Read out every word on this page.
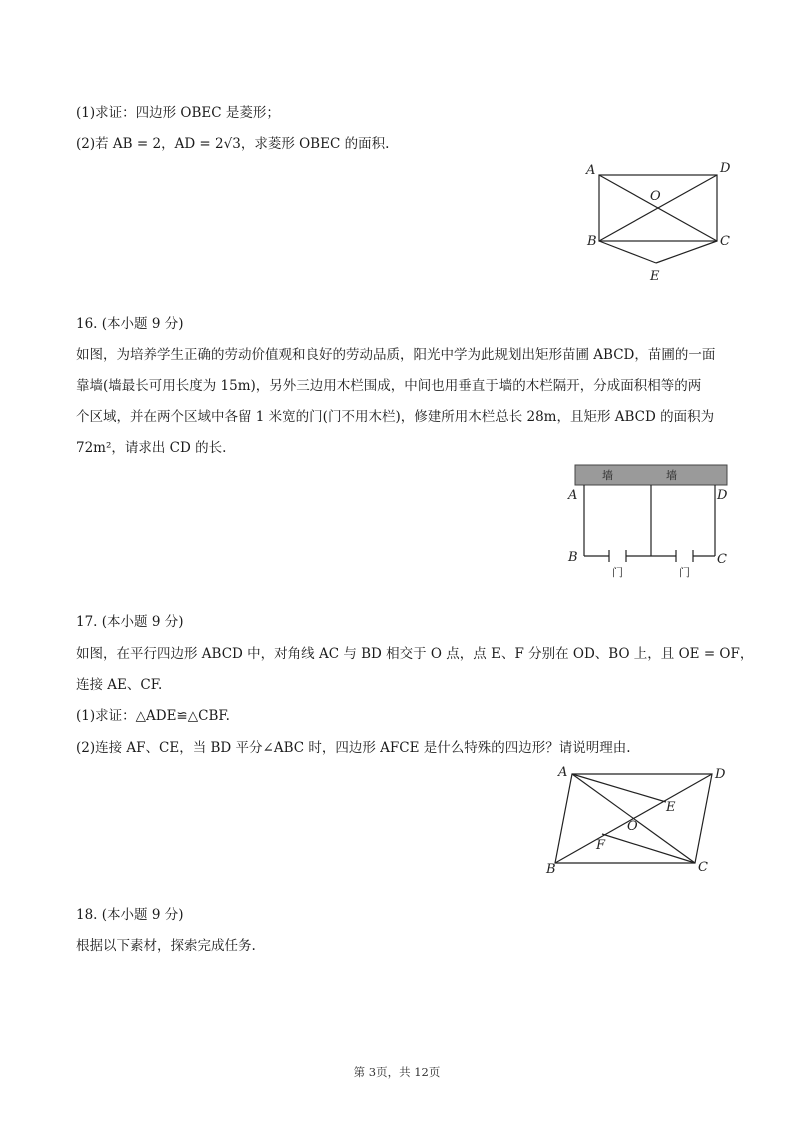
(1)求证：四边形 OBEC 是菱形；
(2)若 AB = 2，AD = 2√3，求菱形 OBEC 的面积.
A	D
O
B	C
E
16. (本小题 9 分)
如图，为培养学生正确的劳动价值观和良好的劳动品质，阳光中学为此规划出矩形苗圃 ABCD，苗圃的一面
靠墙(墙最长可用长度为 15m)，另外三边用木栏围成，中间也用垂直于墙的木栏隔开，分成面积相等的两
个区域，并在两个区域中各留 1 米宽的门(门不用木栏)，修建所用木栏总长 28m，且矩形 ABCD 的面积为
72m²，请求出 CD 的长.
墙	墙
A	D
B	C
门	门
17. (本小题 9 分)
如图，在平行四边形 ABCD 中，对角线 AC 与 BD 相交于 O 点，点 E、F 分别在 OD、BO 上，且 OE = OF，
连接 AE、CF.
(1)求证：△ADE≌△CBF.
(2)连接 AF、CE，当 BD 平分∠ABC 时，四边形 AFCE 是什么特殊的四边形？请说明理由.
A	D
E
O
F
B	C
18. (本小题 9 分)
根据以下素材，探索完成任务.
第 3页，共 12页
